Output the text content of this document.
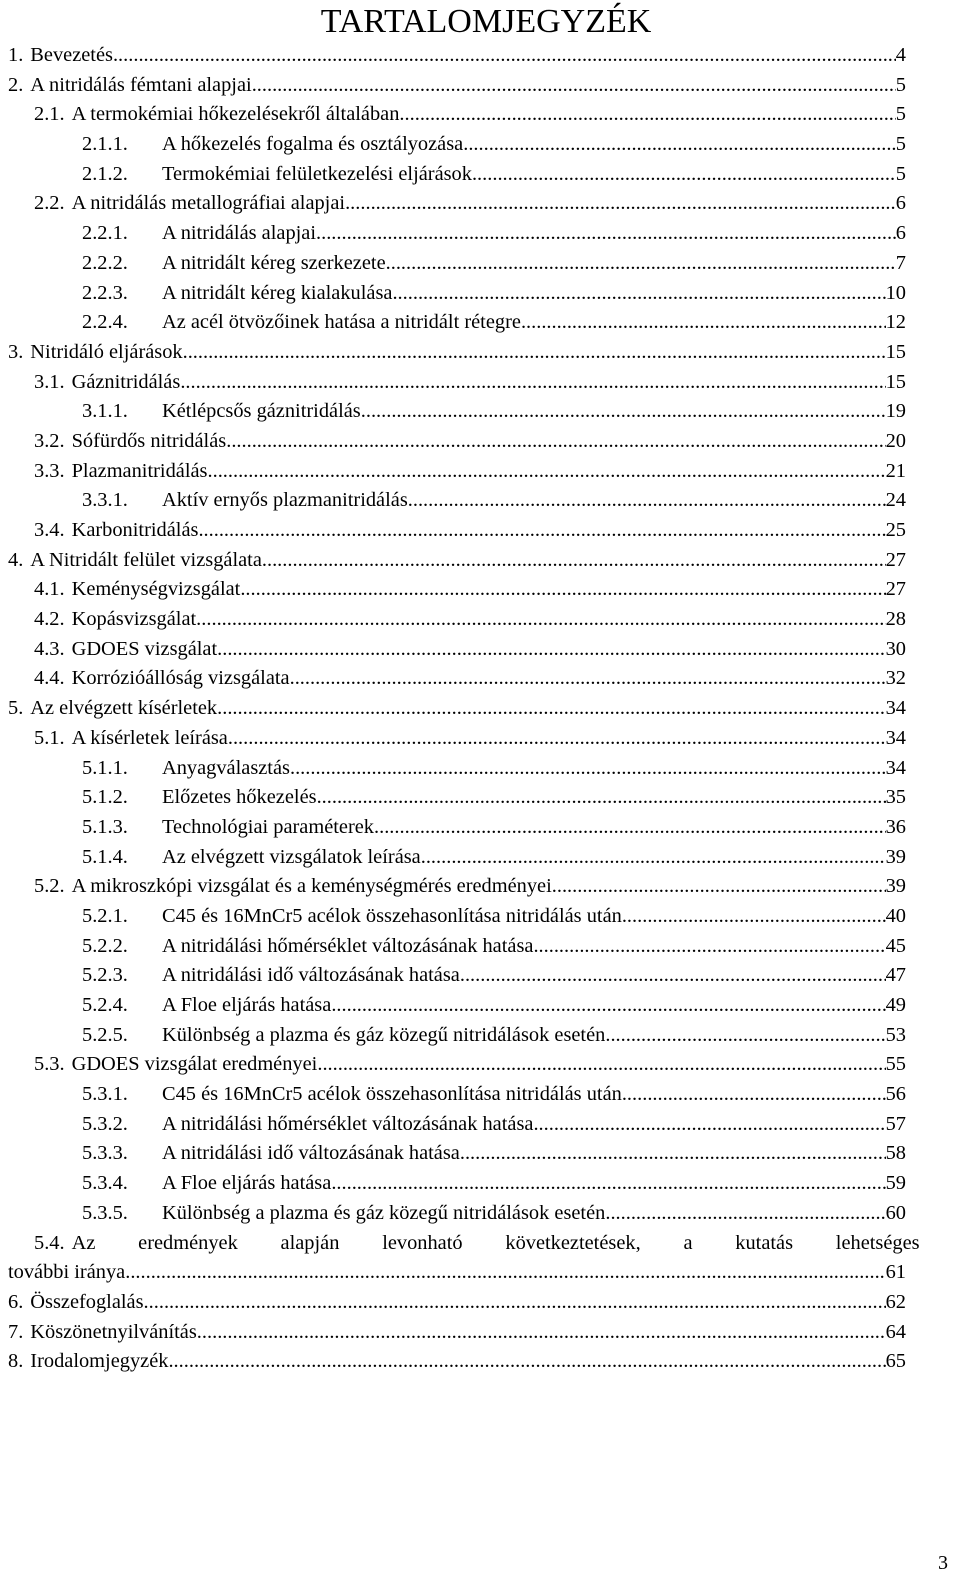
TARTALOMJEGYZÉK
1. Bevezetés .....	4
2. A nitridálás fémtani alapjai .....	5
2.1. A termokémiai hőkezelésekről általában .....	5
2.1.1.	A hőkezelés fogalma és osztályozása .....	5
2.1.2.	Termokémiai felületkezelési eljárások .....	5
2.2. A nitridálás metallográfiai alapjai .....	6
2.2.1.	A nitridálás alapjai .....	6
2.2.2.	A nitridált kéreg szerkezete .....	7
2.2.3.	A nitridált kéreg kialakulása .....	10
2.2.4.	Az acél ötvözőinek hatása a nitridált rétegre .....	12
3. Nitridáló eljárások .....	15
3.1. Gáznitridálás .....	15
3.1.1.	Kétlépcsős gáznitridálás .....	19
3.2. Sófürdős nitridálás .....	20
3.3. Plazmanitridálás .....	21
3.3.1.	Aktív ernyős plazmanitridálás .....	24
3.4. Karbonitridálás .....	25
4. A Nitridált felület vizsgálata .....	27
4.1. Keménységvizsgálat .....	27
4.2. Kopásvizsgálat .....	28
4.3. GDOES vizsgálat .....	30
4.4. Korrózióállóság vizsgálata .....	32
5. Az elvégzett kísérletek .....	34
5.1. A kísérletek leírása .....	34
5.1.1.	Anyagválasztás .....	34
5.1.2.	Előzetes hőkezelés .....	35
5.1.3.	Technológiai paraméterek .....	36
5.1.4.	Az elvégzett vizsgálatok leírása .....	39
5.2. A mikroszkópi vizsgálat és a keménységmérés eredményei .....	39
5.2.1.	C45 és 16MnCr5 acélok összehasonlítása nitridálás után .....	40
5.2.2.	A nitridálási hőmérséklet változásának hatása .....	45
5.2.3.	A nitridálási idő változásának hatása .....	47
5.2.4.	A Floe eljárás hatása .....	49
5.2.5.	Különbség a plazma és gáz közegű nitridálások esetén .....	53
5.3. GDOES vizsgálat eredményei .....	55
5.3.1.	C45 és 16MnCr5 acélok összehasonlítása nitridálás után .....	56
5.3.2.	A nitridálási hőmérséklet változásának hatása .....	57
5.3.3.	A nitridálási idő változásának hatása .....	58
5.3.4.	A Floe eljárás hatása .....	59
5.3.5.	Különbség a plazma és gáz közegű nitridálások esetén .....	60
5.4. Az eredmények alapján levonható következtetések, a kutatás lehetséges
további iránya .....	61
6. Összefoglalás .....	62
7. Köszönetnyilvánítás .....	64
8. Irodalomjegyzék .....	65
3
